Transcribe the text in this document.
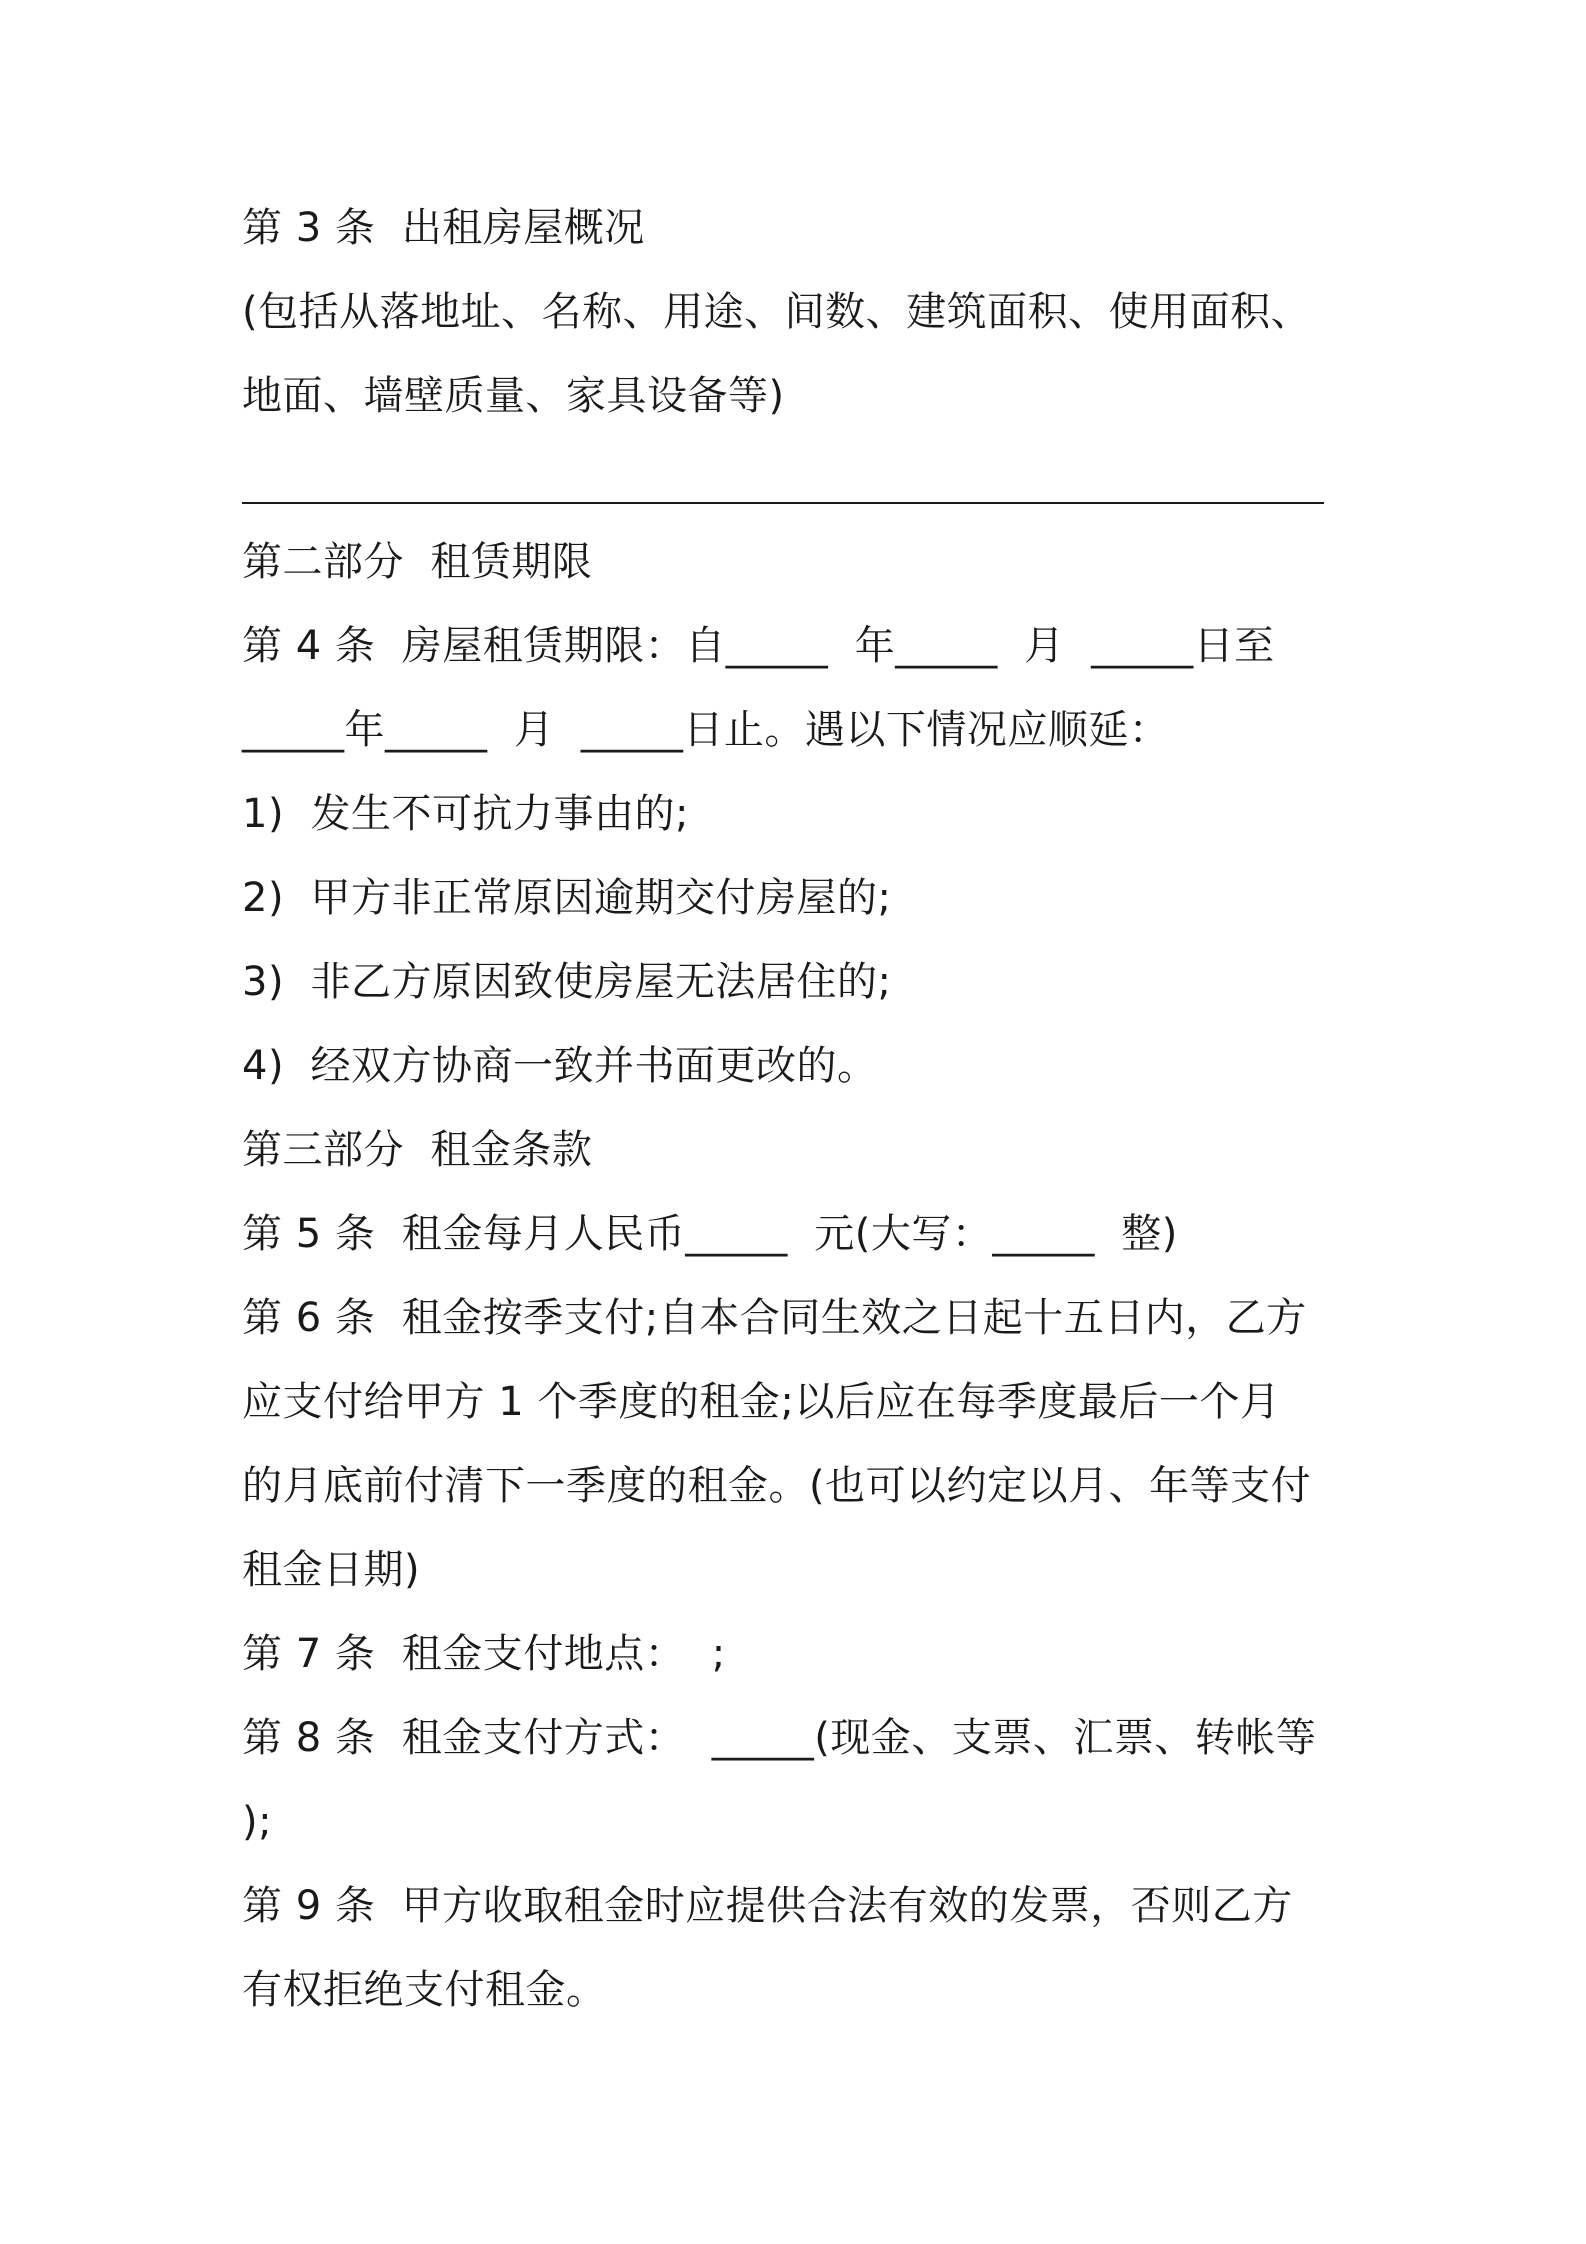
第 3 条  出租房屋概况
(包括从落地址、名称、用途、间数、建筑面积、使用面积、
地面、墙壁质量、家具设备等)
第二部分  租赁期限
第 4 条  房屋租赁期限：自_____  年_____  月  _____日至
_____年_____  月  _____日止。遇以下情况应顺延：
1)  发生不可抗力事由的;
2)  甲方非正常原因逾期交付房屋的;
3)  非乙方原因致使房屋无法居住的;
4)  经双方协商一致并书面更改的。
第三部分  租金条款
第 5 条  租金每月人民币_____  元(大写：_____  整)
第 6 条  租金按季支付;自本合同生效之日起十五日内，乙方
应支付给甲方 1 个季度的租金;以后应在每季度最后一个月
的月底前付清下一季度的租金。(也可以约定以月、年等支付
租金日期)
第 7 条  租金支付地点：  ;
第 8 条  租金支付方式：  _____(现金、支票、汇票、转帐等
);
第 9 条  甲方收取租金时应提供合法有效的发票，否则乙方
有权拒绝支付租金。
